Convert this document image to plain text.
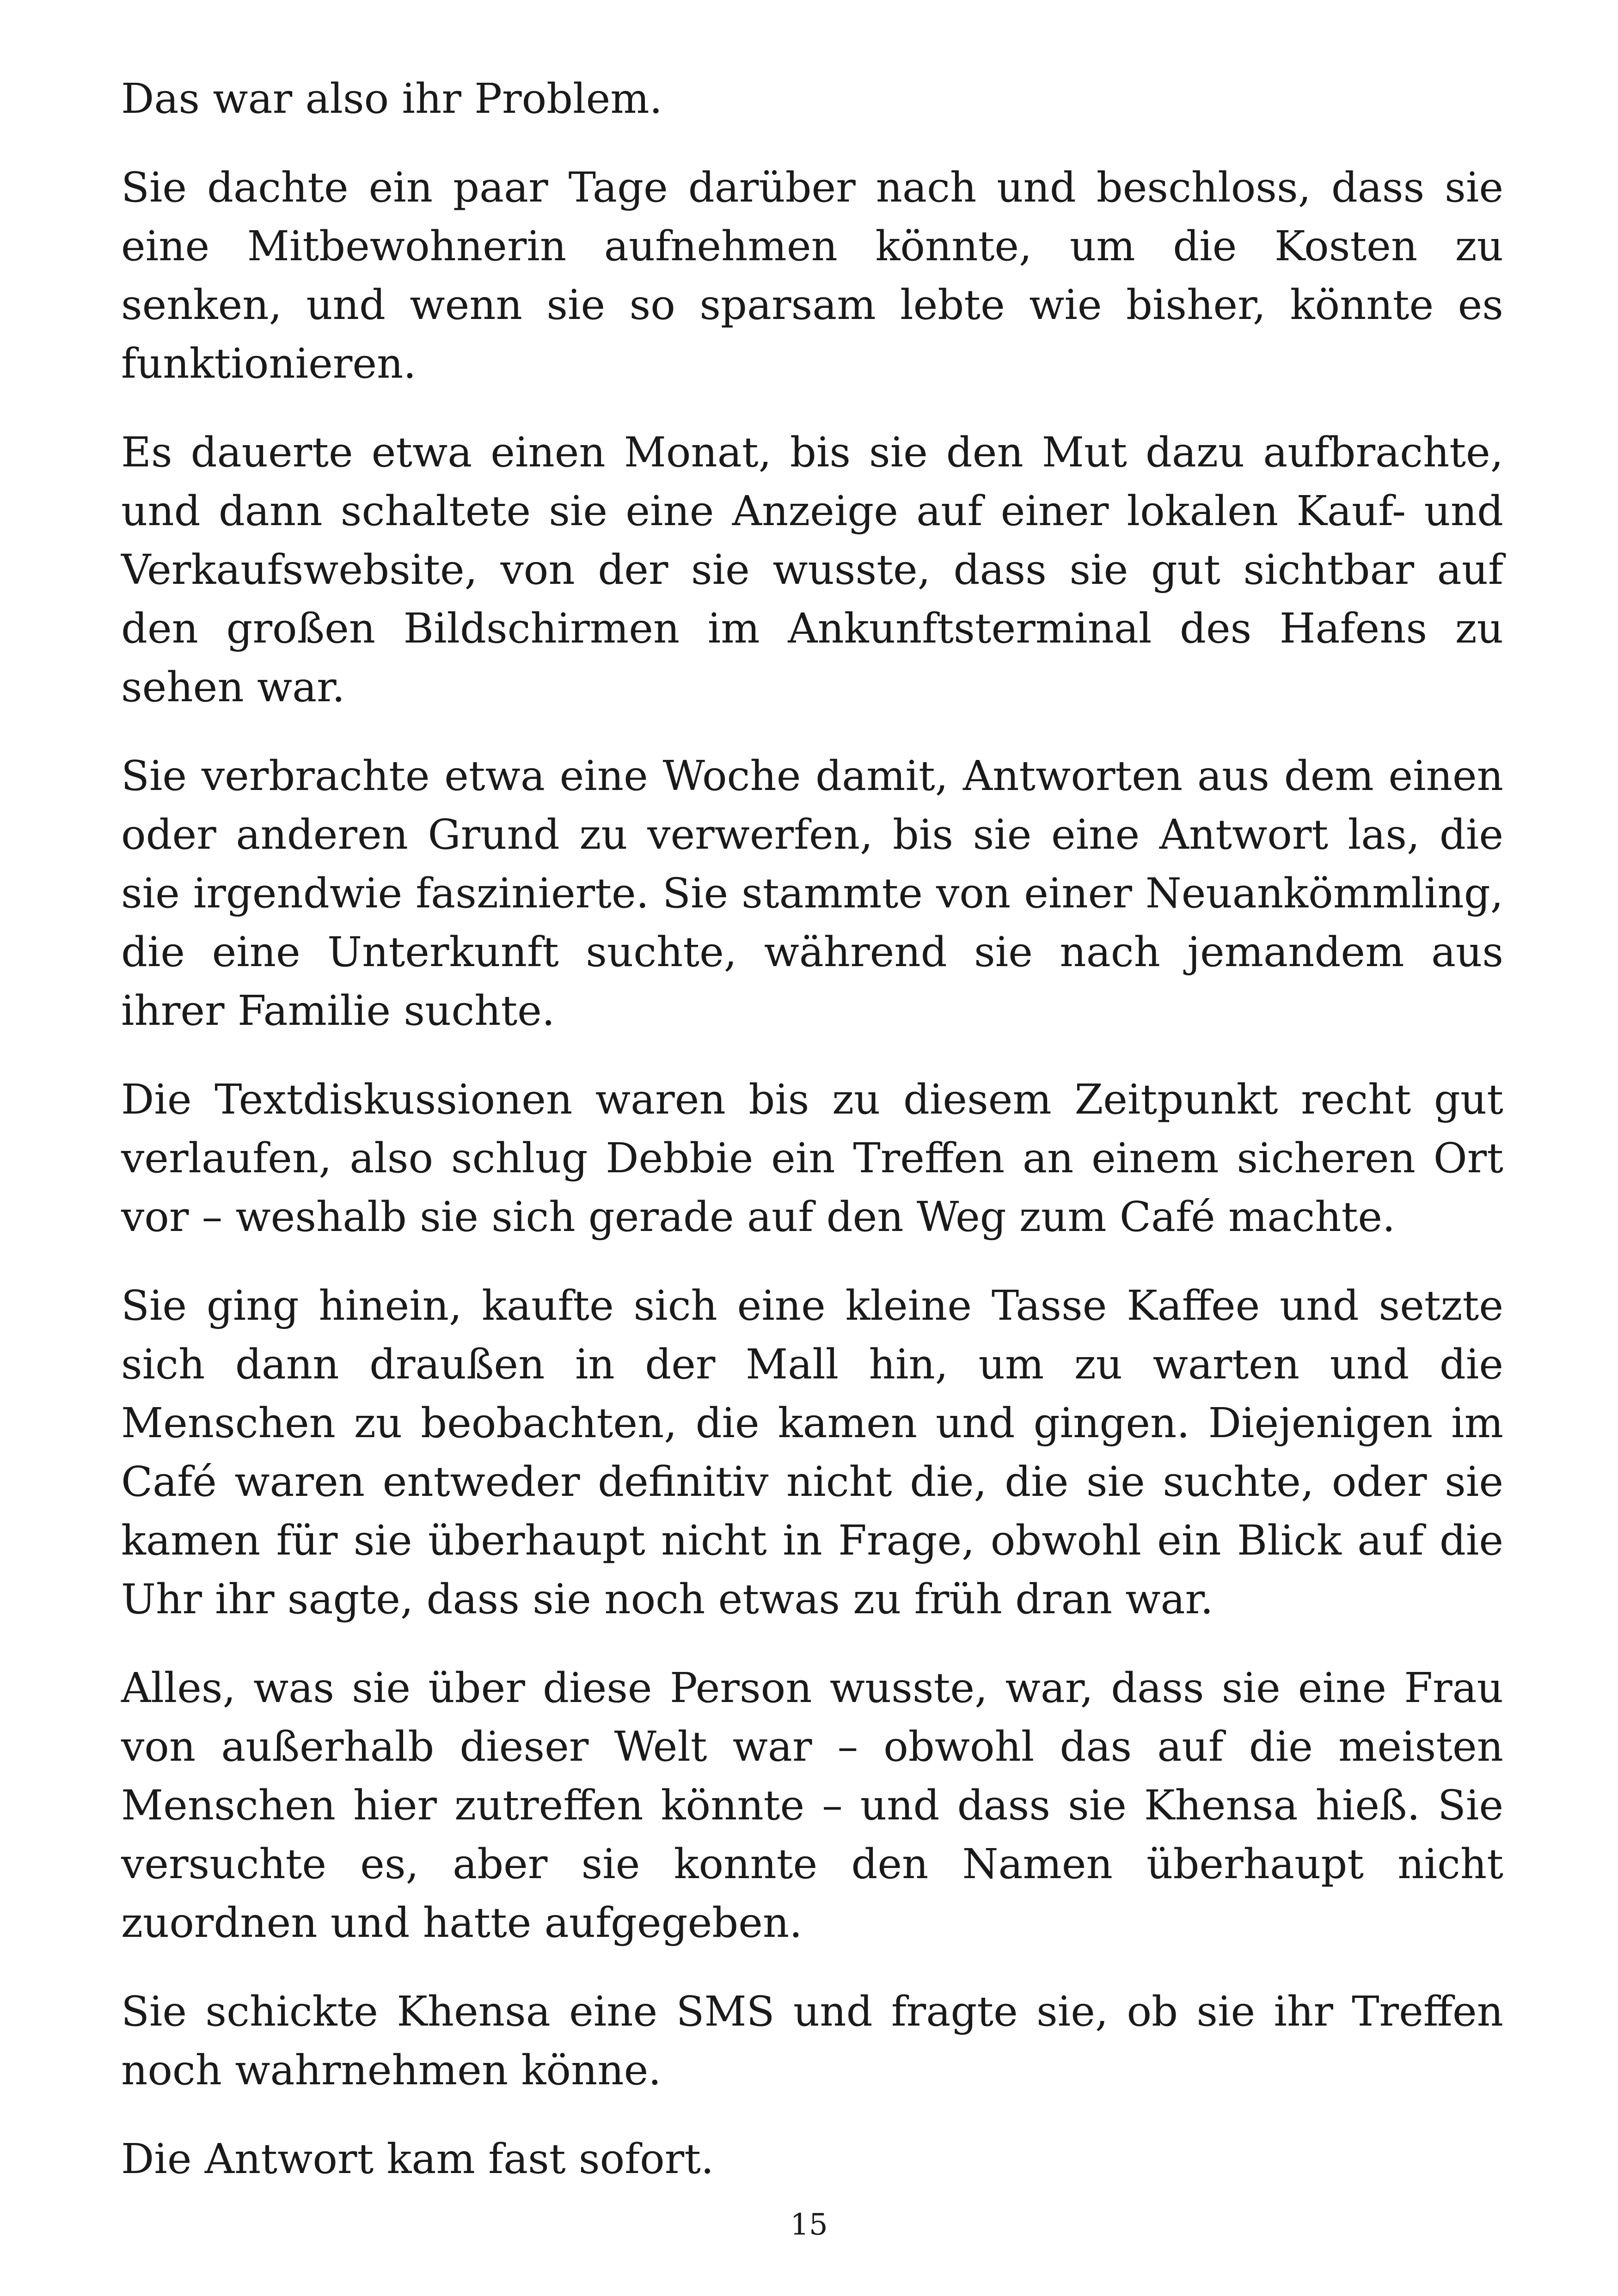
Das war also ihr Problem.

Sie dachte ein paar Tage darüber nach und beschloss, dass sie eine Mitbewohnerin aufnehmen könnte, um die Kosten zu senken, und wenn sie so sparsam lebte wie bisher, könnte es funktionieren.

Es dauerte etwa einen Monat, bis sie den Mut dazu aufbrachte, und dann schaltete sie eine Anzeige auf einer lokalen Kauf- und Verkaufswebsite, von der sie wusste, dass sie gut sichtbar auf den großen Bildschirmen im Ankunftsterminal des Hafens zu sehen war.

Sie verbrachte etwa eine Woche damit, Antworten aus dem einen oder anderen Grund zu verwerfen, bis sie eine Antwort las, die sie irgendwie faszinierte. Sie stammte von einer Neuankömmling, die eine Unterkunft suchte, während sie nach jemandem aus ihrer Familie suchte.

Die Textdiskussionen waren bis zu diesem Zeitpunkt recht gut verlaufen, also schlug Debbie ein Treffen an einem sicheren Ort vor – weshalb sie sich gerade auf den Weg zum Café machte.

Sie ging hinein, kaufte sich eine kleine Tasse Kaffee und setzte sich dann draußen in der Mall hin, um zu warten und die Menschen zu beobachten, die kamen und gingen. Diejenigen im Café waren entweder definitiv nicht die, die sie suchte, oder sie kamen für sie überhaupt nicht in Frage, obwohl ein Blick auf die Uhr ihr sagte, dass sie noch etwas zu früh dran war.

Alles, was sie über diese Person wusste, war, dass sie eine Frau von außerhalb dieser Welt war – obwohl das auf die meisten Menschen hier zutreffen könnte – und dass sie Khensa hieß. Sie versuchte es, aber sie konnte den Namen überhaupt nicht zuordnen und hatte aufgegeben.

Sie schickte Khensa eine SMS und fragte sie, ob sie ihr Treffen noch wahrnehmen könne.

Die Antwort kam fast sofort.

15
